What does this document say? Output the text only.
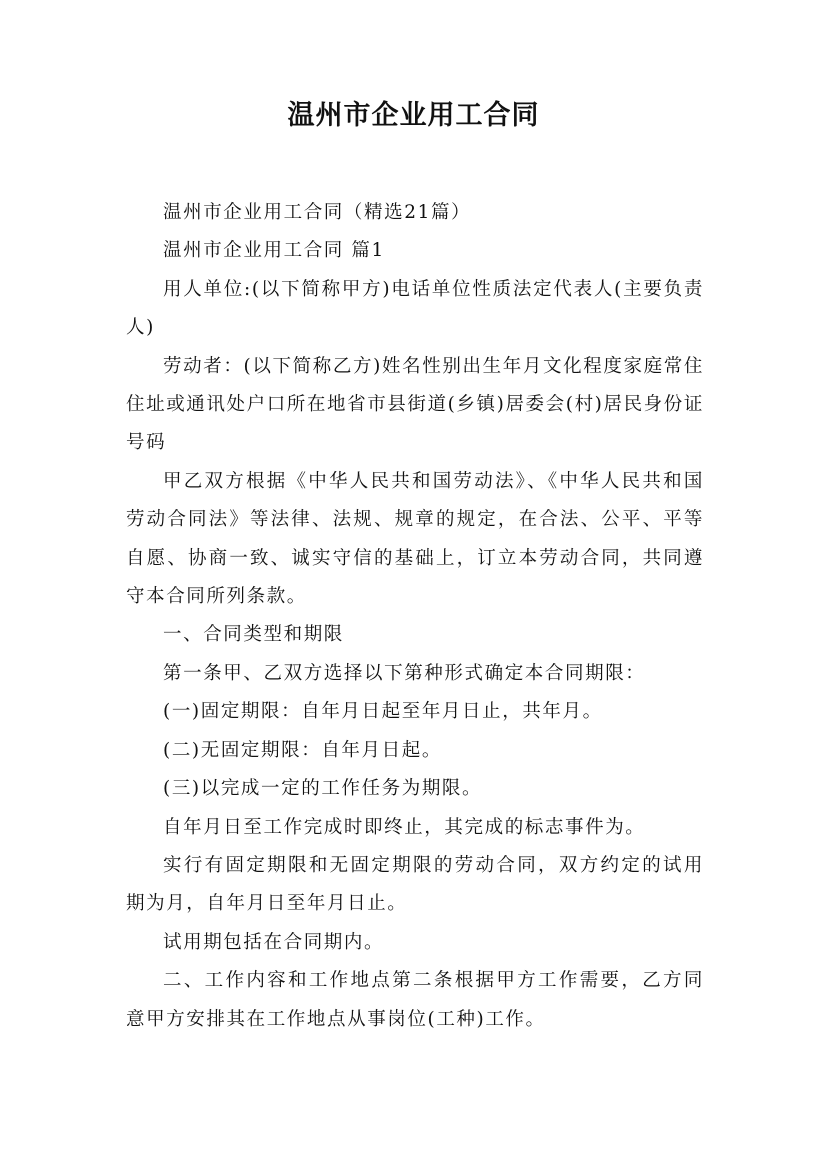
温州市企业用工合同

温州市企业用工合同（精选21篇）

温州市企业用工合同 篇1

用人单位:(以下简称甲方)电话单位性质法定代表人(主要负责人)

劳动者：(以下简称乙方)姓名性别出生年月文化程度家庭常住住址或通讯处户口所在地省市县街道(乡镇)居委会(村)居民身份证号码

甲乙双方根据《中华人民共和国劳动法》、《中华人民共和国劳动合同法》等法律、法规、规章的规定，在合法、公平、平等自愿、协商一致、诚实守信的基础上，订立本劳动合同，共同遵守本合同所列条款。

一、合同类型和期限

第一条甲、乙双方选择以下第种形式确定本合同期限：

(一)固定期限：自年月日起至年月日止，共年月。

(二)无固定期限：自年月日起。

(三)以完成一定的工作任务为期限。

自年月日至工作完成时即终止，其完成的标志事件为。

实行有固定期限和无固定期限的劳动合同，双方约定的试用期为月，自年月日至年月日止。

试用期包括在合同期内。

二、工作内容和工作地点第二条根据甲方工作需要，乙方同意甲方安排其在工作地点从事岗位(工种)工作。
